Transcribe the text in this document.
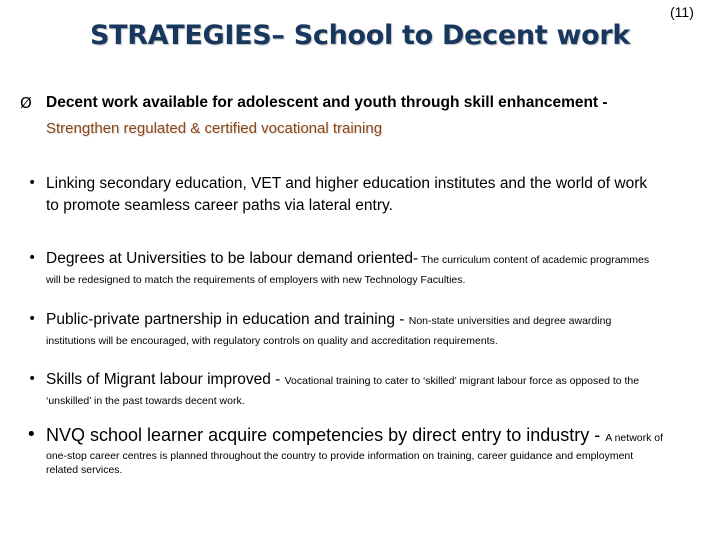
STRATEGIES– School to Decent work
(11)
Ø Decent work available for adolescent and youth through skill enhancement -
Strengthen regulated & certified vocational training
• Linking secondary education, VET and higher education institutes and the world of work
to promote seamless career paths via lateral entry.
• Degrees at Universities to be labour demand oriented- The curriculum content of academic programmes
will be redesigned to match the requirements of employers with new Technology Faculties.
• Public-private partnership in education and training - Non-state universities and degree awarding
institutions will be encouraged, with regulatory controls on quality and accreditation requirements.
• Skills of Migrant labour improved - Vocational training to cater to ‘skilled’ migrant labour force as opposed to the
‘unskilled’ in the past towards decent work.
• NVQ school learner acquire competencies by direct entry to industry - A network of
one-stop career centres is planned throughout the country to provide information on training, career guidance and employment
related services.
